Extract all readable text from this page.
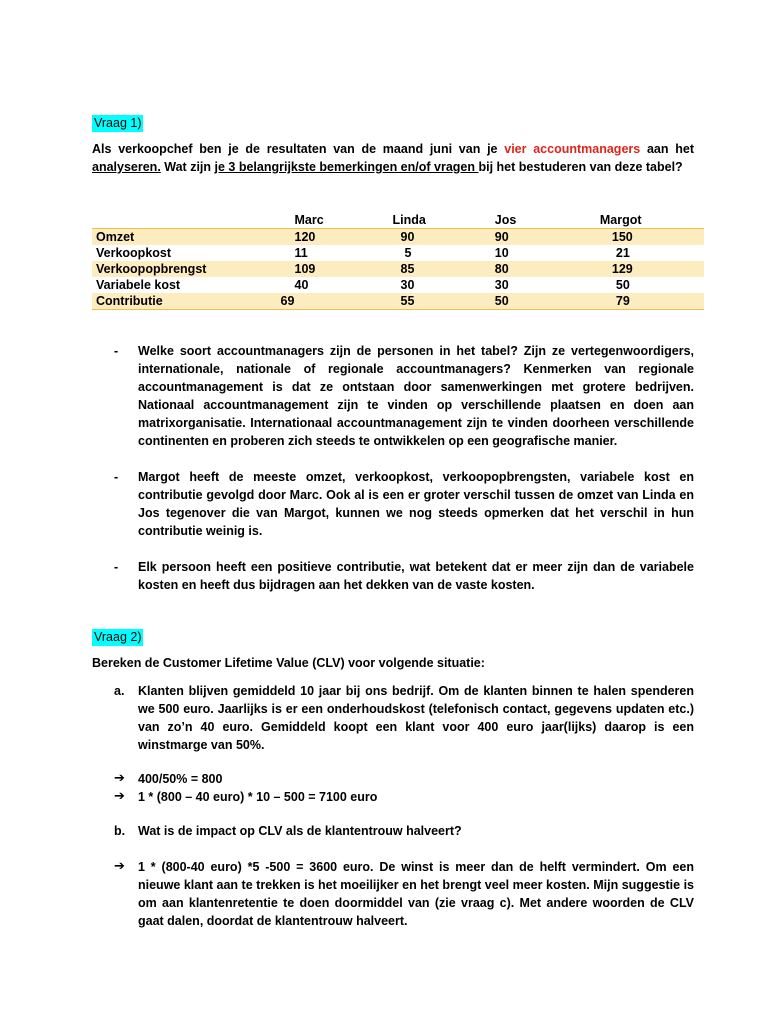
Vraag 1)
Als verkoopchef ben je de resultaten van de maand juni van je vier accountmanagers aan het analyseren. Wat zijn je 3 belangrijkste bemerkingen en/of vragen bij het bestuderen van deze tabel?
	Marc	Linda	Jos	Margot
Omzet	120	90	90	150
Verkoopkost	11	5	10	21
Verkoopopbrengst	109	85	80	129
Variabele kost	40	30	30	50
Contributie	69	55	50	79
- Welke soort accountmanagers zijn de personen in het tabel? Zijn ze vertegenwoordigers, internationale, nationale of regionale accountmanagers? Kenmerken van regionale accountmanagement is dat ze ontstaan door samenwerkingen met grotere bedrijven. Nationaal accountmanagement zijn te vinden op verschillende plaatsen en doen aan matrixorganisatie. Internationaal accountmanagement zijn te vinden doorheen verschillende continenten en proberen zich steeds te ontwikkelen op een geografische manier.
- Margot heeft de meeste omzet, verkoopkost, verkoopopbrengsten, variabele kost en contributie gevolgd door Marc. Ook al is een er groter verschil tussen de omzet van Linda en Jos tegenover die van Margot, kunnen we nog steeds opmerken dat het verschil in hun contributie weinig is.
- Elk persoon heeft een positieve contributie, wat betekent dat er meer zijn dan de variabele kosten en heeft dus bijdragen aan het dekken van de vaste kosten.
Vraag 2)
Bereken de Customer Lifetime Value (CLV) voor volgende situatie:
a.	Klanten blijven gemiddeld 10 jaar bij ons bedrijf. Om de klanten binnen te halen spenderen we 500 euro. Jaarlijks is er een onderhoudskost (telefonisch contact, gegevens updaten etc.) van zo’n 40 euro. Gemiddeld koopt een klant voor 400 euro jaar(lijks) daarop is een winstmarge van 50%.
➔	400/50% = 800
➔	1 * (800 – 40 euro) * 10 – 500 = 7100 euro
b.	Wat is de impact op CLV als de klantentrouw halveert?
➔	1 * (800-40 euro) *5 -500 = 3600 euro. De winst is meer dan de helft vermindert. Om een nieuwe klant aan te trekken is het moeilijker en het brengt veel meer kosten. Mijn suggestie is om aan klantenretentie te doen doormiddel van (zie vraag c). Met andere woorden de CLV gaat dalen, doordat de klantentrouw halveert.
